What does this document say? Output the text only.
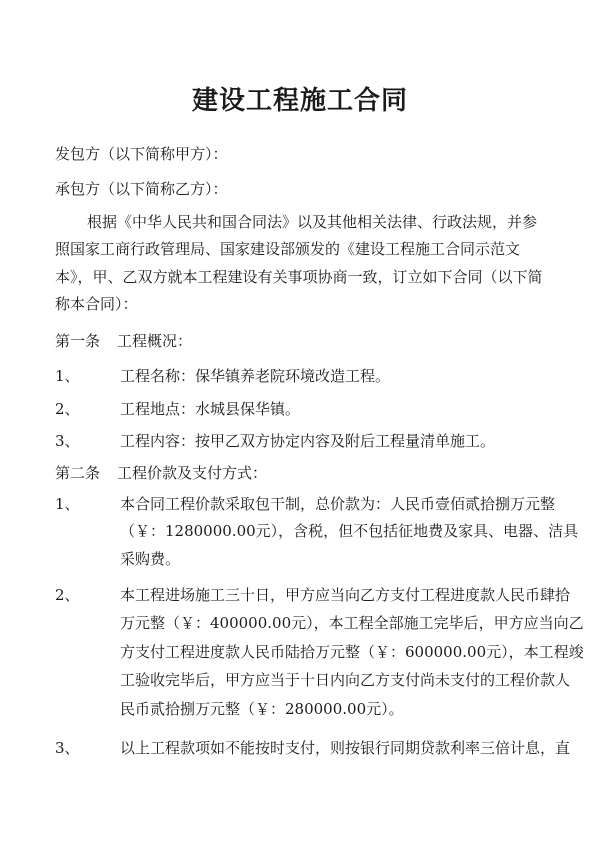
建设工程施工合同
发包方（以下简称甲方）：
承包方（以下简称乙方）：
根据《中华人民共和国合同法》以及其他相关法律、行政法规，并参
照国家工商行政管理局、国家建设部颁发的《建设工程施工合同示范文
本》，甲、乙双方就本工程建设有关事项协商一致，订立如下合同（以下简
称本合同）：
第一条 工程概况：
1、	工程名称：保华镇养老院环境改造工程。
2、	工程地点：水城县保华镇。
3、	工程内容：按甲乙双方协定内容及附后工程量清单施工。
第二条 工程价款及支付方式：
1、	本合同工程价款采取包干制，总价款为：人民币壹佰贰拾捌万元整
（￥：1280000.00元），含税，但不包括征地费及家具、电器、洁具
采购费。
2、	本工程进场施工三十日，甲方应当向乙方支付工程进度款人民币肆拾
万元整（￥：400000.00元），本工程全部施工完毕后，甲方应当向乙
方支付工程进度款人民币陆拾万元整（￥：600000.00元），本工程竣
工验收完毕后，甲方应当于十日内向乙方支付尚未支付的工程价款人
民币贰拾捌万元整（￥：280000.00元）。
3、	以上工程款项如不能按时支付，则按银行同期贷款利率三倍计息，直
